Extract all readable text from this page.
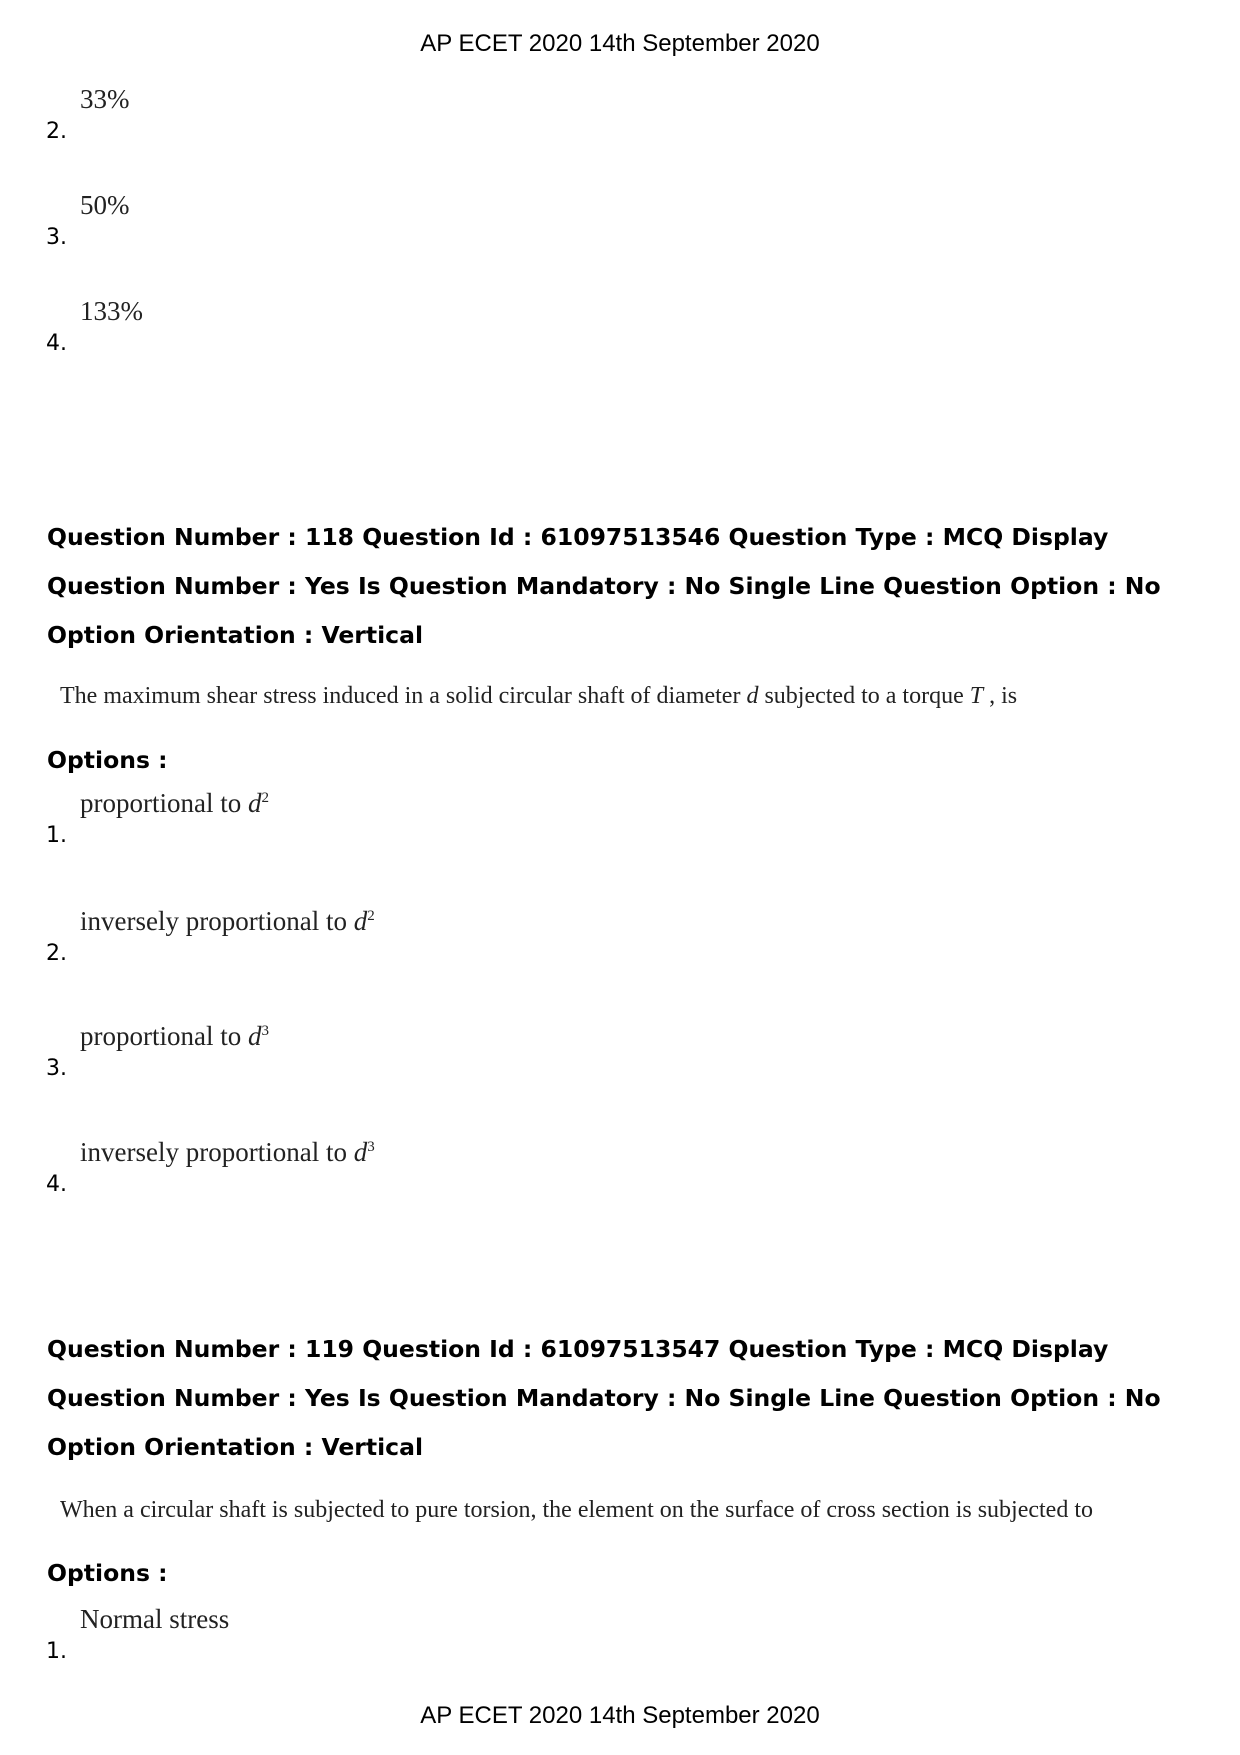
AP ECET 2020 14th September 2020
2.
33%
3.
50%
4.
133%
Question Number : 118 Question Id : 61097513546 Question Type : MCQ Display Question Number : Yes Is Question Mandatory : No Single Line Question Option : No Option Orientation : Vertical
The maximum shear stress induced in a solid circular shaft of diameter d subjected to a torque T , is
Options :
1.
proportional to $d^2$
2.
inversely proportional to $d^2$
3.
proportional to $d^3$
4.
inversely proportional to $d^3$
Question Number : 119 Question Id : 61097513547 Question Type : MCQ Display Question Number : Yes Is Question Mandatory : No Single Line Question Option : No Option Orientation : Vertical
When a circular shaft is subjected to pure torsion, the element on the surface of cross section is subjected to
Options :
1.
Normal stress
AP ECET 2020 14th September 2020
